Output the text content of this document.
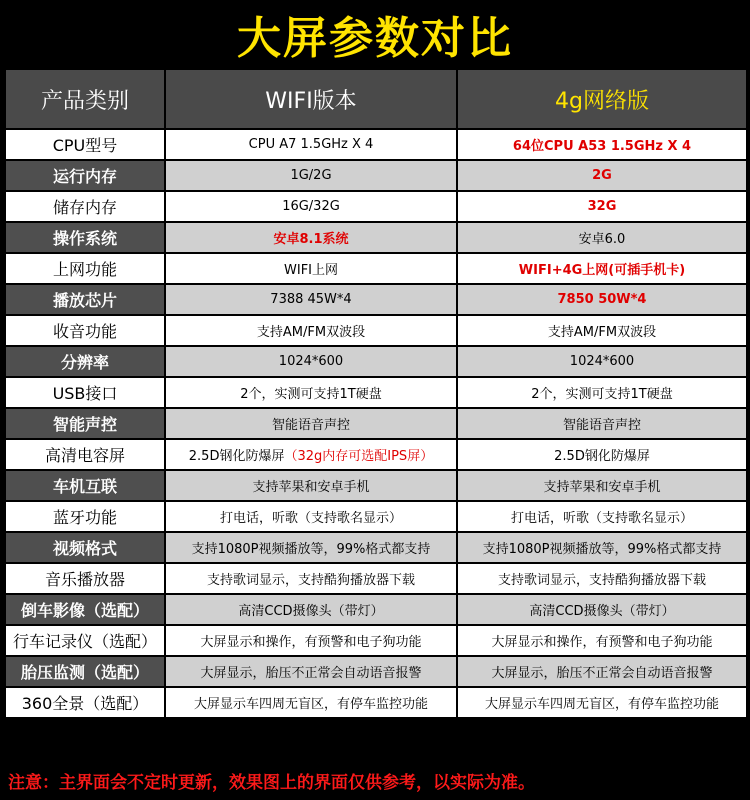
大屏参数对比
产品类别	WIFI版本	4g网络版
CPU型号	CPU A7 1.5GHz X 4	64位CPU A53 1.5GHz X 4
运行内存	1G/2G	2G
储存内存	16G/32G	32G
操作系统	安卓8.1系统	安卓6.0
上网功能	WIFI上网	WIFI+4G上网(可插手机卡)
播放芯片	7388 45W*4	7850 50W*4
收音功能	支持AM/FM双波段	支持AM/FM双波段
分辨率	1024*600	1024*600
USB接口	2个，实测可支持1T硬盘	2个，实测可支持1T硬盘
智能声控	智能语音声控	智能语音声控
高清电容屏	2.5D钢化防爆屏（32g内存可选配IPS屏）	2.5D钢化防爆屏
车机互联	支持苹果和安卓手机	支持苹果和安卓手机
蓝牙功能	打电话，听歌（支持歌名显示）	打电话，听歌（支持歌名显示）
视频格式	支持1080P视频播放等，99%格式都支持	支持1080P视频播放等，99%格式都支持
音乐播放器	支持歌词显示，支持酷狗播放器下载	支持歌词显示，支持酷狗播放器下载
倒车影像（选配）	高清CCD摄像头（带灯）	高清CCD摄像头（带灯）
行车记录仪（选配）	大屏显示和操作，有预警和电子狗功能	大屏显示和操作，有预警和电子狗功能
胎压监测（选配）	大屏显示，胎压不正常会自动语音报警	大屏显示，胎压不正常会自动语音报警
360全景（选配）	大屏显示车四周无盲区，有停车监控功能	大屏显示车四周无盲区，有停车监控功能
注意：主界面会不定时更新，效果图上的界面仅供参考，以实际为准。
